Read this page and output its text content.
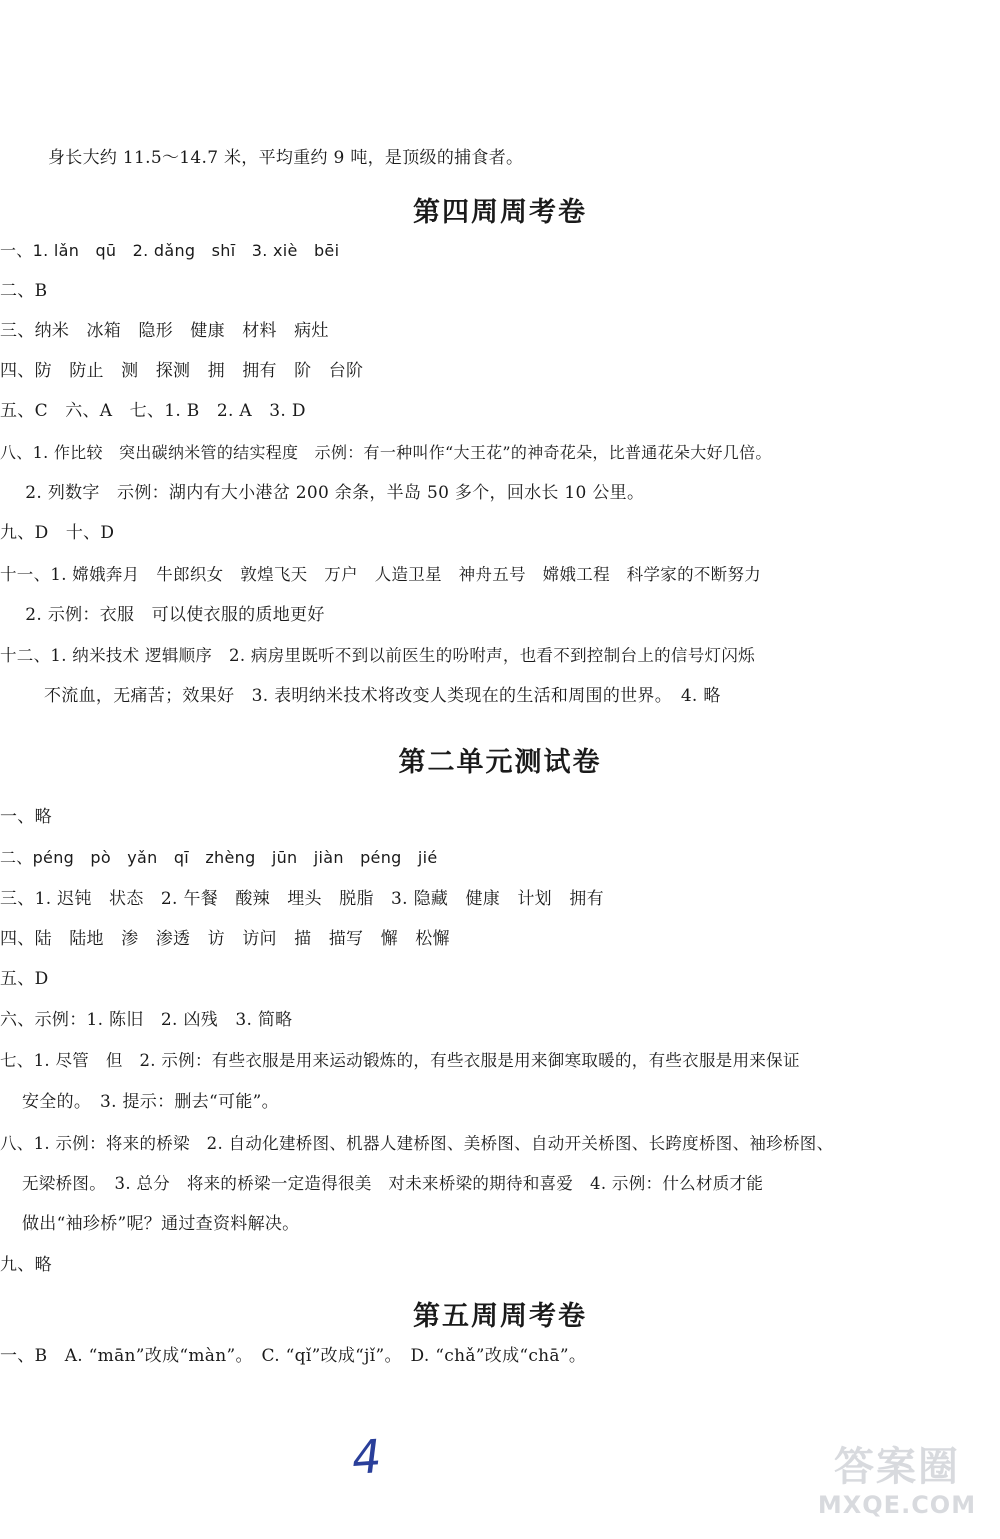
身长大约 11.5～14.7 米，平均重约 9 吨，是顶级的捕食者。
第四周周考卷
一、1. lǎn　qū　2. dǎng　shī　3. xiè　bēi
二、B
三、纳米　冰箱　隐形　健康　材料　病灶
四、防　防止　测　探测　拥　拥有　阶　台阶
五、C　六、A　七、1. B　2. A　3. D
八、1. 作比较　突出碳纳米管的结实程度　示例：有一种叫作“大王花”的神奇花朵，比普通花朵大好几倍。
　2. 列数字　示例：湖内有大小港岔 200 余条，半岛 50 多个，回水长 10 公里。
九、D　十、D
十一、1. 嫦娥奔月　牛郎织女　敦煌飞天　万户　人造卫星　神舟五号　嫦娥工程　科学家的不断努力
　2. 示例：衣服　可以使衣服的质地更好
十二、1. 纳米技术 逻辑顺序　2. 病房里既听不到以前医生的吩咐声，也看不到控制台上的信号灯闪烁
不流血，无痛苦；效果好　3. 表明纳米技术将改变人类现在的生活和周围的世界。　4. 略
第二单元测试卷
一、略
二、péng　pò　yǎn　qī　zhèng　jūn　jiàn　péng　jié
三、1. 迟钝　状态　2. 午餐　酸辣　埋头　脱脂　3. 隐藏　健康　计划　拥有
四、陆　陆地　渗　渗透　访　访问　描　描写　懈　松懈
五、D
六、示例：1. 陈旧　2. 凶残　3. 简略
七、1. 尽管　但　2. 示例：有些衣服是用来运动锻炼的，有些衣服是用来御寒取暖的，有些衣服是用来保证
安全的。　3. 提示：删去“可能”。
八、1. 示例：将来的桥梁　2. 自动化建桥图、机器人建桥图、美桥图、自动开关桥图、长跨度桥图、袖珍桥图、
无梁桥图。　3. 总分　将来的桥梁一定造得很美　对未来桥梁的期待和喜爱　4. 示例：什么材质才能
做出“袖珍桥”呢？通过查资料解决。
九、略
第五周周考卷
一、B　A. “mān”改成“màn”。　C. “qǐ”改成“jǐ”。　D. “chǎ”改成“chā”。
4	答案圈
MXQE.COM
